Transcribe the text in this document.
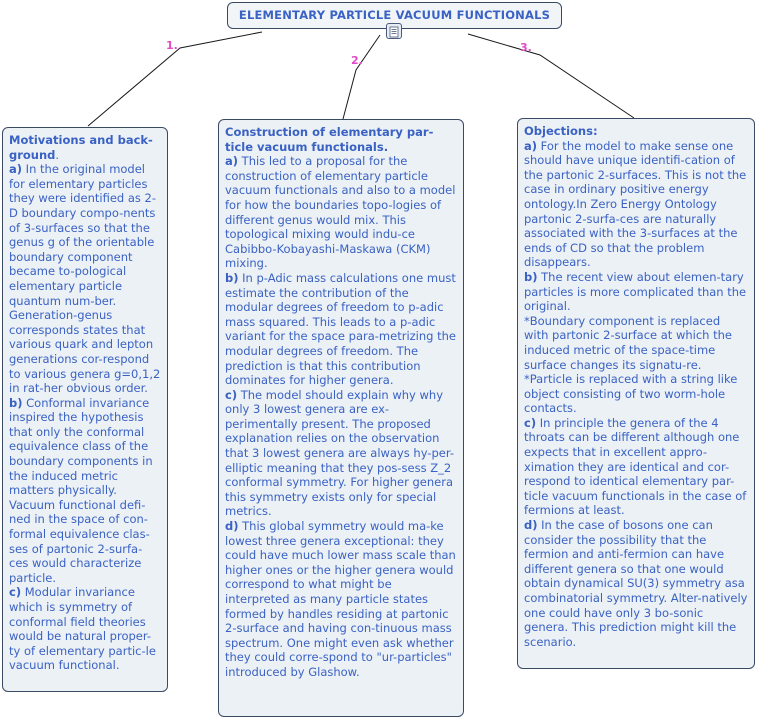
ELEMENTARY PARTICLE VACUUM FUNCTIONALS
1.
2.
3.

Motivations and back-ground.

a) In the original model for elementary particles they were identified as 2-D boundary compo-nents of 3-surfaces so that the genus g of the orientable boundary component became to-pological elementary particle quantum num-ber. Generation-genus corresponds states that various quark and lepton generations cor-respond to various genera g=0,1,2 in rat-her obvious order.

b) Conformal invariance inspired the hypothesis that only the conformal equivalence class of the boundary components in the induced metric matters physically. Vacuum functional defi-ned in the space of con-formal equivalence clas-ses of partonic 2-surfa-ces would characterize particle.

c) Modular invariance which is symmetry of conformal field theories would be natural proper-ty of elementary partic-le vacuum functional.

Construction of elementary par-ticle vacuum functionals.

a) This led to a proposal for the construction of elementary particle vacuum functionals and also to a model for how the boundaries topo-logies of different genus would mix. This topological mixing would indu-ce Cabibbo-Kobayashi-Maskawa (CKM) mixing.

b) In p-Adic mass calculations one must estimate the contribution of the modular degrees of freedom to p-adic mass squared. This leads to a p-adic variant for the space para-metrizing the modular degrees of freedom. The prediction is that this contribution dominates for higher genera.

c) The model should explain why why only 3 lowest genera are ex-perimentally present. The proposed explanation relies on the observation that 3 lowest genera are always hy-per-elliptic meaning that they pos-sess Z_2 conformal symmetry. For higher genera this symmetry exists only for special metrics.

d) This global symmetry would ma-ke lowest three genera exceptional: they could have much lower mass scale than higher ones or the higher genera would correspond to what might be interpreted as many particle states formed by handles residing at partonic 2-surface and having con-tinuous mass spectrum. One might even ask whether they could corre-spond to "ur-particles" introduced by Glashow.

Objections:

a) For the model to make sense one should have unique identifi-cation of the partonic 2-surfaces. This is not the case in ordinary positive energy ontology.In Zero Energy Ontology partonic 2-surfa-ces are naturally associated with the 3-surfaces at the ends of CD so that the problem disappears.

b) The recent view about elemen-tary particles is more complicated than the original.

*Boundary component is replaced with partonic 2-surface at which the induced metric of the space-time surface changes its signatu-re.

*Particle is replaced with a string like object consisting of two worm-hole contacts.

c) In principle the genera of the 4 throats can be different although one expects that in excellent appro-ximation they are identical and cor-respond to identical elementary par-ticle vacuum functionals in the case of fermions at least.

d) In the case of bosons one can consider the possibility that the fermion and anti-fermion can have different genera so that one would obtain dynamical SU(3) symmetry asa combinatorial symmetry. Alter-natively one could have only 3 bo-sonic genera. This prediction might kill the scenario.
